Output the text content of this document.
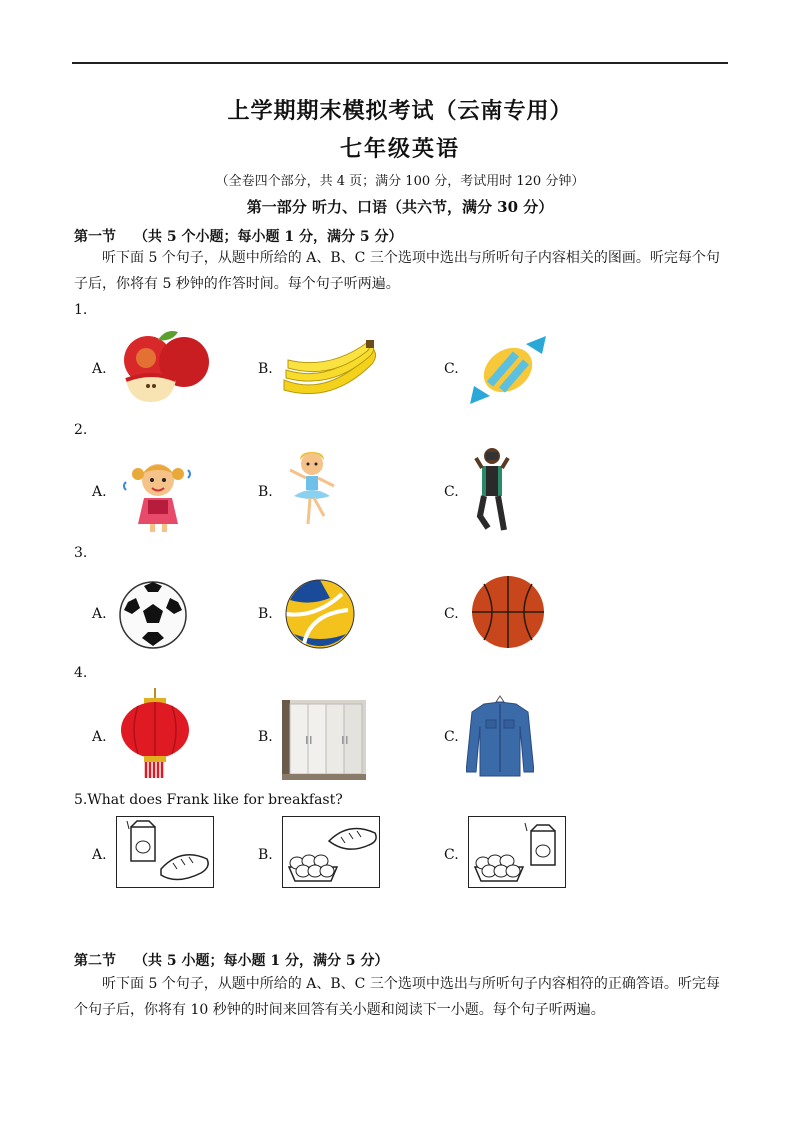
上学期期末模拟考试（云南专用）
七年级英语
（全卷四个部分，共 4 页；满分 100 分，考试用时 120 分钟）
第一部分 听力、口语（共六节，满分 30 分）
第一节 （共 5 个小题；每小题 1 分，满分 5 分）
听下面 5 个句子，从题中所给的 A、B、C 三个选项中选出与所听句子内容相关的图画。听完每个句子后，你将有 5 秒钟的作答时间。每个句子听两遍。
1.
A.	B.	C.
2.
A.	B.	C.
3.
A.	B.	C.
4.
A.	B.	C.
5.What does Frank like for breakfast?
A.	B.	C.
第二节 （共 5 小题；每小题 1 分，满分 5 分）
听下面 5 个句子，从题中所给的 A、B、C 三个选项中选出与所听句子内容相符的正确答语。听完每个句子后，你将有 10 秒钟的时间来回答有关小题和阅读下一小题。每个句子听两遍。
